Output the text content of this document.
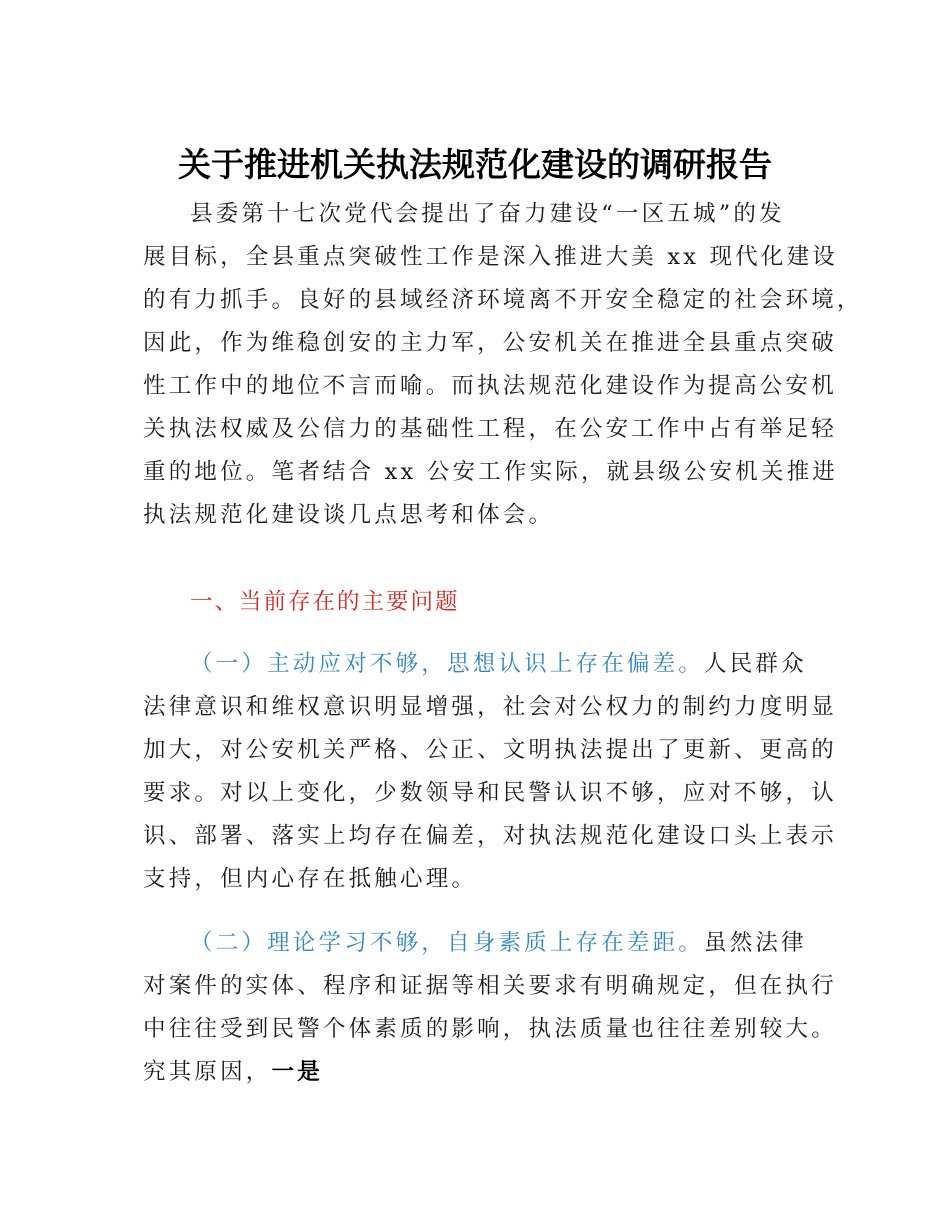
关于推进机关执法规范化建设的调研报告
县委第十七次党代会提出了奋力建设“一区五城”的发
展目标，全县重点突破性工作是深入推进大美 xx 现代化建设
的有力抓手。良好的县域经济环境离不开安全稳定的社会环境，
因此，作为维稳创安的主力军，公安机关在推进全县重点突破
性工作中的地位不言而喻。而执法规范化建设作为提高公安机
关执法权威及公信力的基础性工程，在公安工作中占有举足轻
重的地位。笔者结合 xx 公安工作实际，就县级公安机关推进
执法规范化建设谈几点思考和体会。
一、当前存在的主要问题
（一）主动应对不够，思想认识上存在偏差。人民群众
法律意识和维权意识明显增强，社会对公权力的制约力度明显
加大，对公安机关严格、公正、文明执法提出了更新、更高的
要求。对以上变化，少数领导和民警认识不够，应对不够，认
识、部署、落实上均存在偏差，对执法规范化建设口头上表示
支持，但内心存在抵触心理。
（二）理论学习不够，自身素质上存在差距。虽然法律
对案件的实体、程序和证据等相关要求有明确规定，但在执行
中往往受到民警个体素质的影响，执法质量也往往差别较大。
究其原因，一是
